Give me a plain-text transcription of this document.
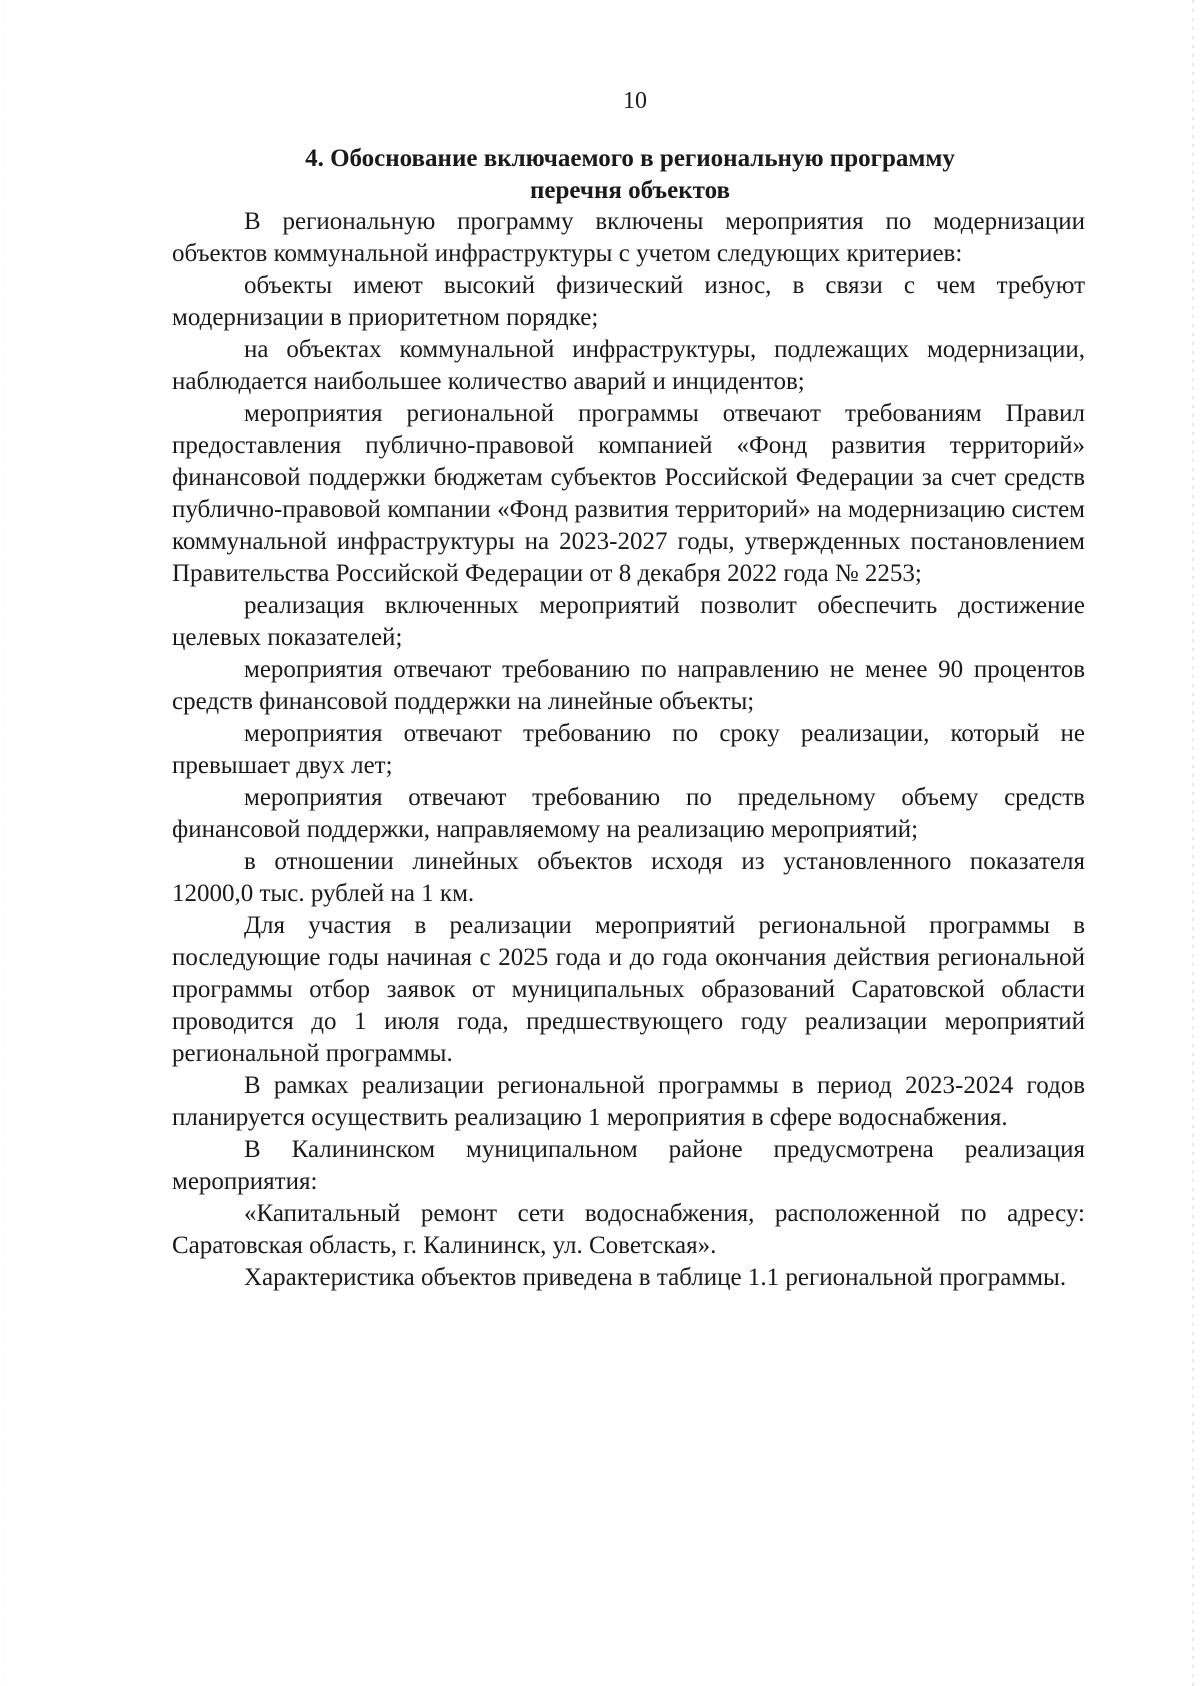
10
4. Обоснование включаемого в региональную программу
перечня объектов

В региональную программу включены мероприятия по модернизации объектов коммунальной инфраструктуры с учетом следующих критериев:

объекты имеют высокий физический износ, в связи с чем требуют модернизации в приоритетном порядке;

на объектах коммунальной инфраструктуры, подлежащих модернизации, наблюдается наибольшее количество аварий и инцидентов;

мероприятия региональной программы отвечают требованиям Правил предоставления публично-правовой компанией «Фонд развития территорий» финансовой поддержки бюджетам субъектов Российской Федерации за счет средств публично-правовой компании «Фонд развития территорий» на модернизацию систем коммунальной инфраструктуры на 2023-2027 годы, утвержденных постановлением Правительства Российской Федерации от 8 декабря 2022 года № 2253;

реализация включенных мероприятий позволит обеспечить достижение целевых показателей;

мероприятия отвечают требованию по направлению не менее 90 процентов средств финансовой поддержки на линейные объекты;

мероприятия отвечают требованию по сроку реализации, который не превышает двух лет;

мероприятия отвечают требованию по предельному объему средств финансовой поддержки, направляемому на реализацию мероприятий;

в отношении линейных объектов исходя из установленного показателя 12000,0 тыс. рублей на 1 км.

Для участия в реализации мероприятий региональной программы в последующие годы начиная с 2025 года и до года окончания действия региональной программы отбор заявок от муниципальных образований Саратовской области проводится до 1 июля года, предшествующего году реализации мероприятий региональной программы.

В рамках реализации региональной программы в период 2023-2024 годов планируется осуществить реализацию 1 мероприятия в сфере водоснабжения.

В Калининском муниципальном районе предусмотрена реализация мероприятия:

«Капитальный ремонт сети водоснабжения, расположенной по адресу: Саратовская область, г. Калининск, ул. Советская».

Характеристика объектов приведена в таблице 1.1 региональной программы.
